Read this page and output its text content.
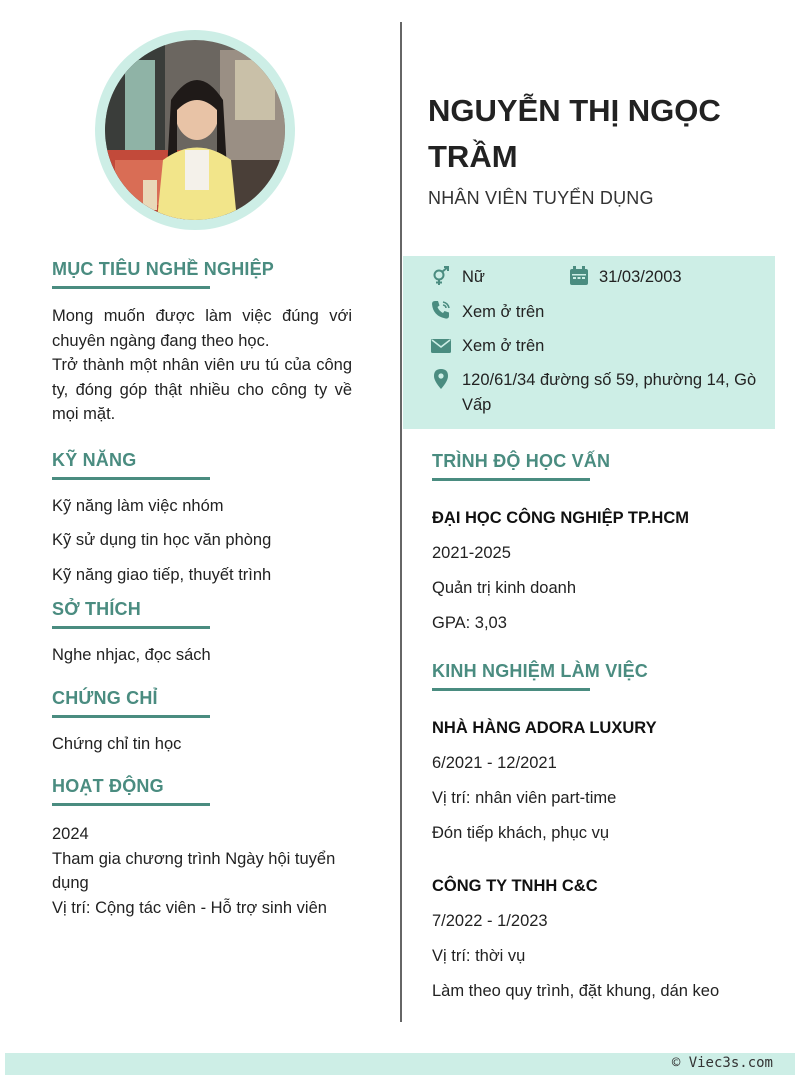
MỤC TIÊU NGHỀ NGHIỆP
Mong muốn được làm việc đúng với chuyên ngàng đang theo học.
Trở thành một nhân viên ưu tú của công ty, đóng góp thật nhiều cho công ty về mọi mặt.
KỸ NĂNG
Kỹ năng làm việc nhóm
Kỹ sử dụng tin học văn phòng
Kỹ năng giao tiếp, thuyết trình
SỞ THÍCH
Nghe nhjac, đọc sách
CHỨNG CHỈ
Chứng chỉ tin học
HOẠT ĐỘNG
2024
Tham gia chương trình Ngày hội tuyển dụng
Vị trí: Cộng tác viên - Hỗ trợ sinh viên
NGUYỄN THỊ NGỌC TRẦM
NHÂN VIÊN TUYỂN DỤNG
Nữ	31/03/2003
Xem ở trên
Xem ở trên
120/61/34 đường số 59, phường 14, Gò Vấp
TRÌNH ĐỘ HỌC VẤN
ĐẠI HỌC CÔNG NGHIỆP TP.HCM
2021-2025
Quản trị kinh doanh
GPA: 3,03
KINH NGHIỆM LÀM VIỆC
NHÀ HÀNG ADORA LUXURY
6/2021 - 12/2021
Vị trí: nhân viên part-time
Đón tiếp khách, phục vụ
CÔNG TY TNHH C&C
7/2022 - 1/2023
Vị trí: thời vụ
Làm theo quy trình, đặt khung, dán keo
© Viec3s.com
